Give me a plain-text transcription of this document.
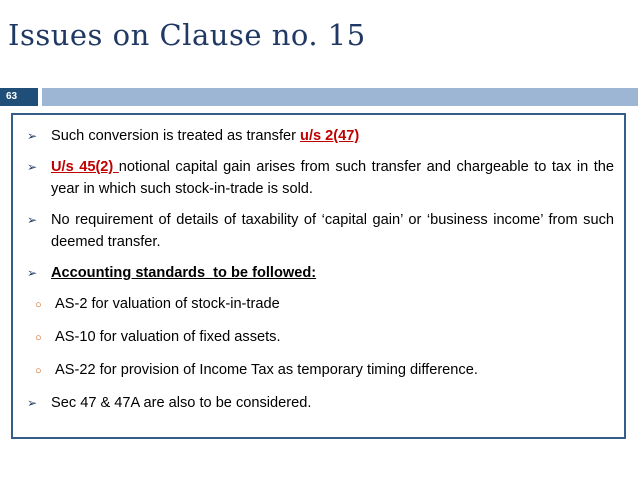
Issues on Clause no. 15
63
➢ Such conversion is treated as transfer u/s 2(47)
➢ U/s 45(2) notional capital gain arises from such transfer and chargeable to tax in the year in which such stock-in-trade is sold.
➢ No requirement of details of taxability of ‘capital gain’ or ‘business income’ from such deemed transfer.
➢ Accounting standards  to be followed:
○ AS-2 for valuation of stock-in-trade
○ AS-10 for valuation of fixed assets.
○ AS-22 for provision of Income Tax as temporary timing difference.
➢ Sec 47 & 47A are also to be considered.
